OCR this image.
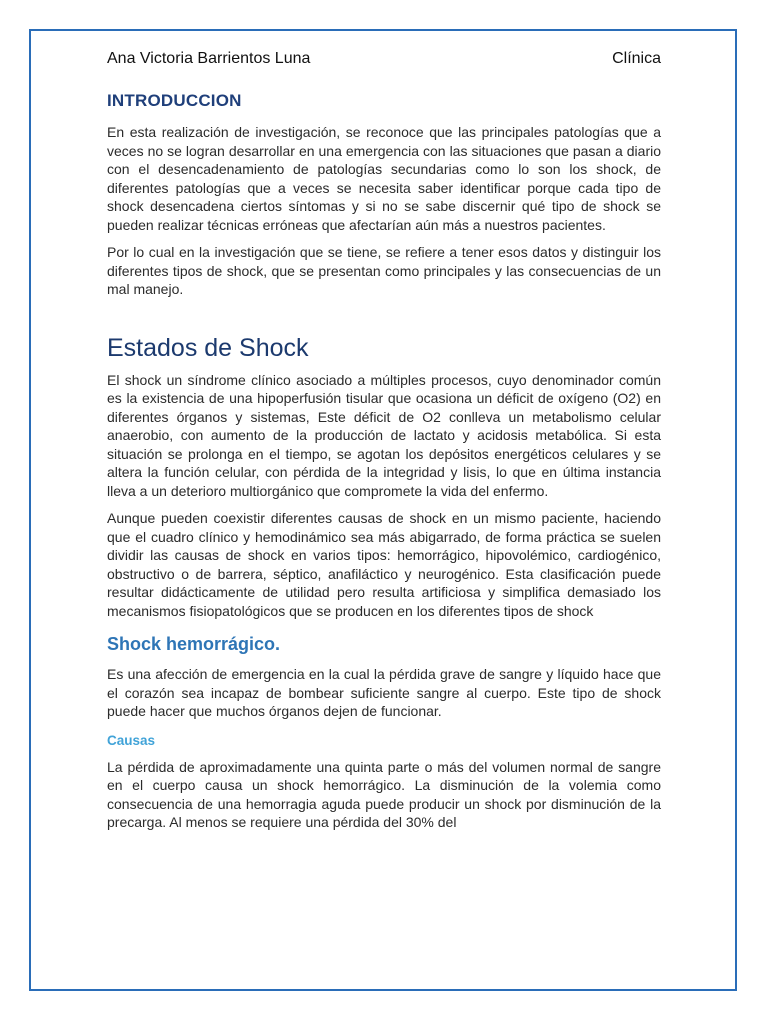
Ana Victoria Barrientos Luna	Clínica
INTRODUCCION

En esta realización de investigación, se reconoce que las principales patologías que a veces no se logran desarrollar en una emergencia con las situaciones que pasan a diario con el desencadenamiento de patologías secundarias como lo son los shock, de diferentes patologías que a veces se necesita saber identificar porque cada tipo de shock desencadena ciertos síntomas y si no se sabe discernir qué tipo de shock se pueden realizar técnicas erróneas que afectarían aún más a nuestros pacientes.

Por lo cual en la investigación que se tiene, se refiere a tener esos datos y distinguir los diferentes tipos de shock, que se presentan como principales y las consecuencias de un mal manejo.

Estados de Shock

El shock un síndrome clínico asociado a múltiples procesos, cuyo denominador común es la existencia de una hipoperfusión tisular que ocasiona un déficit de oxígeno (O2) en diferentes órganos y sistemas, Este déficit de O2 conlleva un metabolismo celular anaerobio, con aumento de la producción de lactato y acidosis metabólica. Si esta situación se prolonga en el tiempo, se agotan los depósitos energéticos celulares y se altera la función celular, con pérdida de la integridad y lisis, lo que en última instancia lleva a un deterioro multiorgánico que compromete la vida del enfermo.

Aunque pueden coexistir diferentes causas de shock en un mismo paciente, haciendo que el cuadro clínico y hemodinámico sea más abigarrado, de forma práctica se suelen dividir las causas de shock en varios tipos: hemorrágico, hipovolémico, cardiogénico, obstructivo o de barrera, séptico, anafiláctico y neurogénico. Esta clasificación puede resultar didácticamente de utilidad pero resulta artificiosa y simplifica demasiado los mecanismos fisiopatológicos que se producen en los diferentes tipos de shock

Shock hemorrágico.

Es una afección de emergencia en la cual la pérdida grave de sangre y líquido hace que el corazón sea incapaz de bombear suficiente sangre al cuerpo. Este tipo de shock puede hacer que muchos órganos dejen de funcionar.

Causas

La pérdida de aproximadamente una quinta parte o más del volumen normal de sangre en el cuerpo causa un shock hemorrágico. La disminución de la volemia como consecuencia de una hemorragia aguda puede producir un shock por disminución de la precarga. Al menos se requiere una pérdida del 30% del
